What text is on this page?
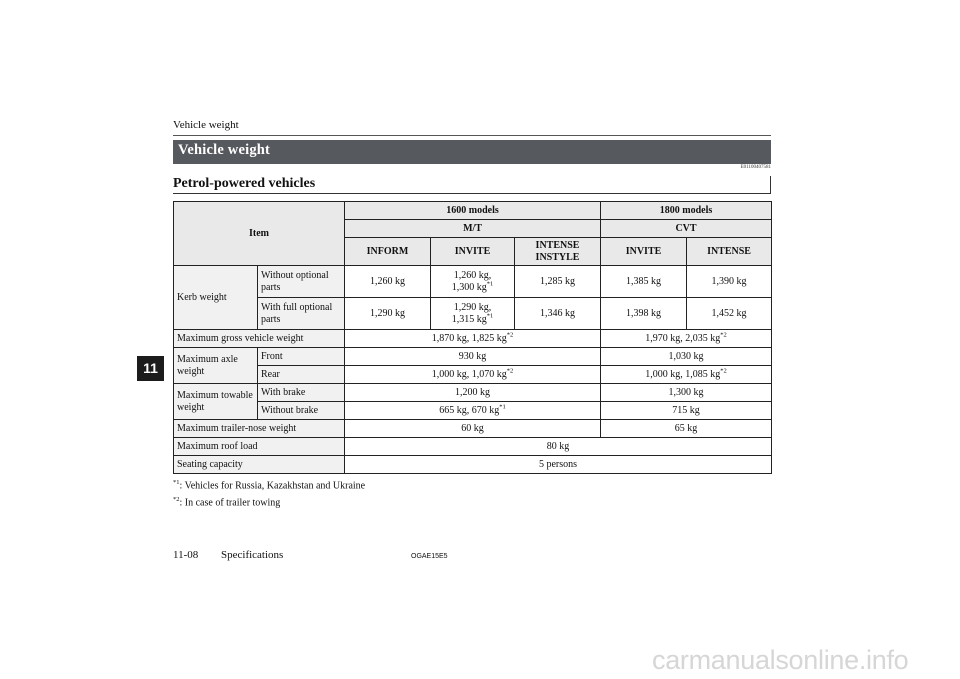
Vehicle weight
Vehicle weight
E01100407581
Petrol-powered vehicles
Item		1600 models			1800 models	
		M/T			CVT	
		INFORM	INVITE	INTENSE INSTYLE	INVITE	INTENSE
Kerb weight	Without optional parts	1,260 kg	1,260 kg,
1,300 $kg^{*1}$	1,285 kg	1,385 kg	1,390 kg
	With full optional parts	1,290 kg	1,290 kg,
1,315 $kg^{*1}$	1,346 kg	1,398 kg	1,452 kg
Maximum gross vehicle weight		1,870 kg, 1,825 $kg^{*2}$			1,970 kg, 2,035 $kg^{*2}$
Maximum axle weight	Front	930 kg			1,030 kg	
	Rear	1,000 kg, 1,070 $kg^{*2}$			1,000 kg, 1,085 $kg^{*2}$
Maximum towable weight	With brake	1,200 kg			1,300 kg	
	Without brake	665 kg, 670 $kg^{*1}$			715 kg	
Maximum trailer-nose weight		60 kg			65 kg	
Maximum roof load		80 kg				
Seating capacity		5 persons				
$^{*1}$: Vehicles for Russia, Kazakhstan and Ukraine
$^{*2}$: In case of trailer towing
11
11-08 Specifications	OGAE15E5
carmanualsonline.info
